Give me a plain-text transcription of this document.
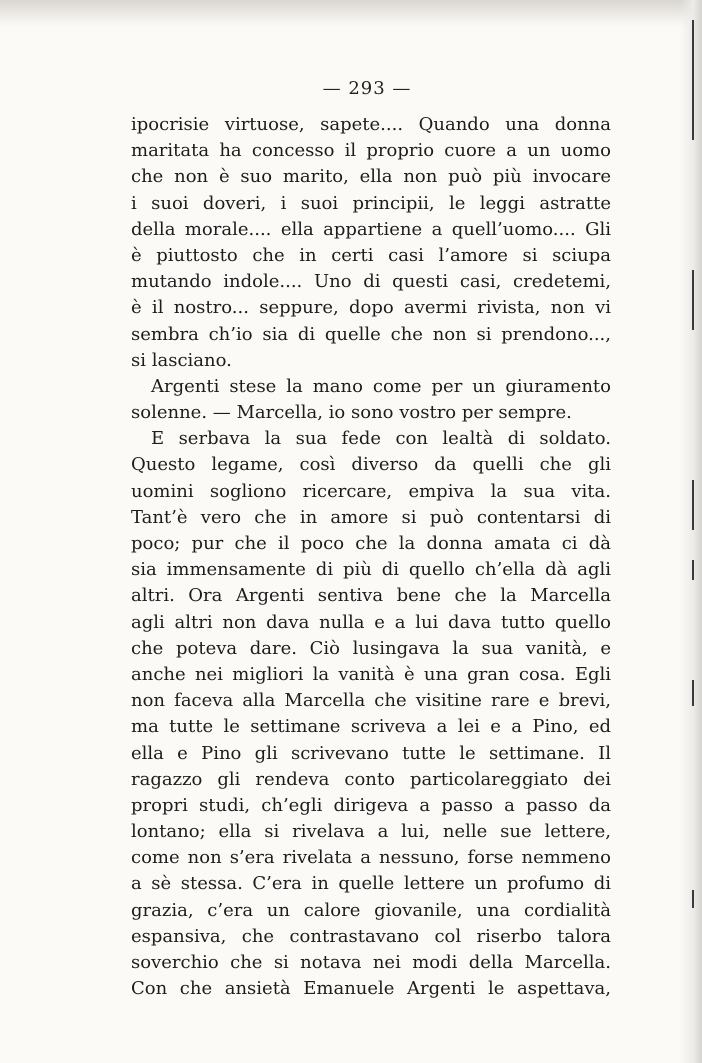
— 293 —
ipocrisie virtuose, sapete.... Quando una donna
maritata ha concesso il proprio cuore a un uomo
che non è suo marito, ella non può più invocare
i suoi doveri, i suoi principii, le leggi astratte
della morale.... ella appartiene a quell’uomo.... Gli
è piuttosto che in certi casi l’amore si sciupa
mutando indole.... Uno di questi casi, credetemi,
è il nostro... seppure, dopo avermi rivista, non vi
sembra ch’io sia di quelle che non si prendono...,
si lasciano.
Argenti stese la mano come per un giuramento
solenne. — Marcella, io sono vostro per sempre.
E serbava la sua fede con lealtà di soldato.
Questo legame, così diverso da quelli che gli
uomini sogliono ricercare, empiva la sua vita.
Tant’è vero che in amore si può contentarsi di
poco; pur che il poco che la donna amata ci dà
sia immensamente di più di quello ch’ella dà agli
altri. Ora Argenti sentiva bene che la Marcella
agli altri non dava nulla e a lui dava tutto quello
che poteva dare. Ciò lusingava la sua vanità, e
anche nei migliori la vanità è una gran cosa. Egli
non faceva alla Marcella che visitine rare e brevi,
ma tutte le settimane scriveva a lei e a Pino, ed
ella e Pino gli scrivevano tutte le settimane. Il
ragazzo gli rendeva conto particolareggiato dei
propri studi, ch’egli dirigeva a passo a passo da
lontano; ella si rivelava a lui, nelle sue lettere,
come non s’era rivelata a nessuno, forse nemmeno
a sè stessa. C’era in quelle lettere un profumo di
grazia, c’era un calore giovanile, una cordialità
espansiva, che contrastavano col riserbo talora
soverchio che si notava nei modi della Marcella.
Con che ansietà Emanuele Argenti le aspettava,
